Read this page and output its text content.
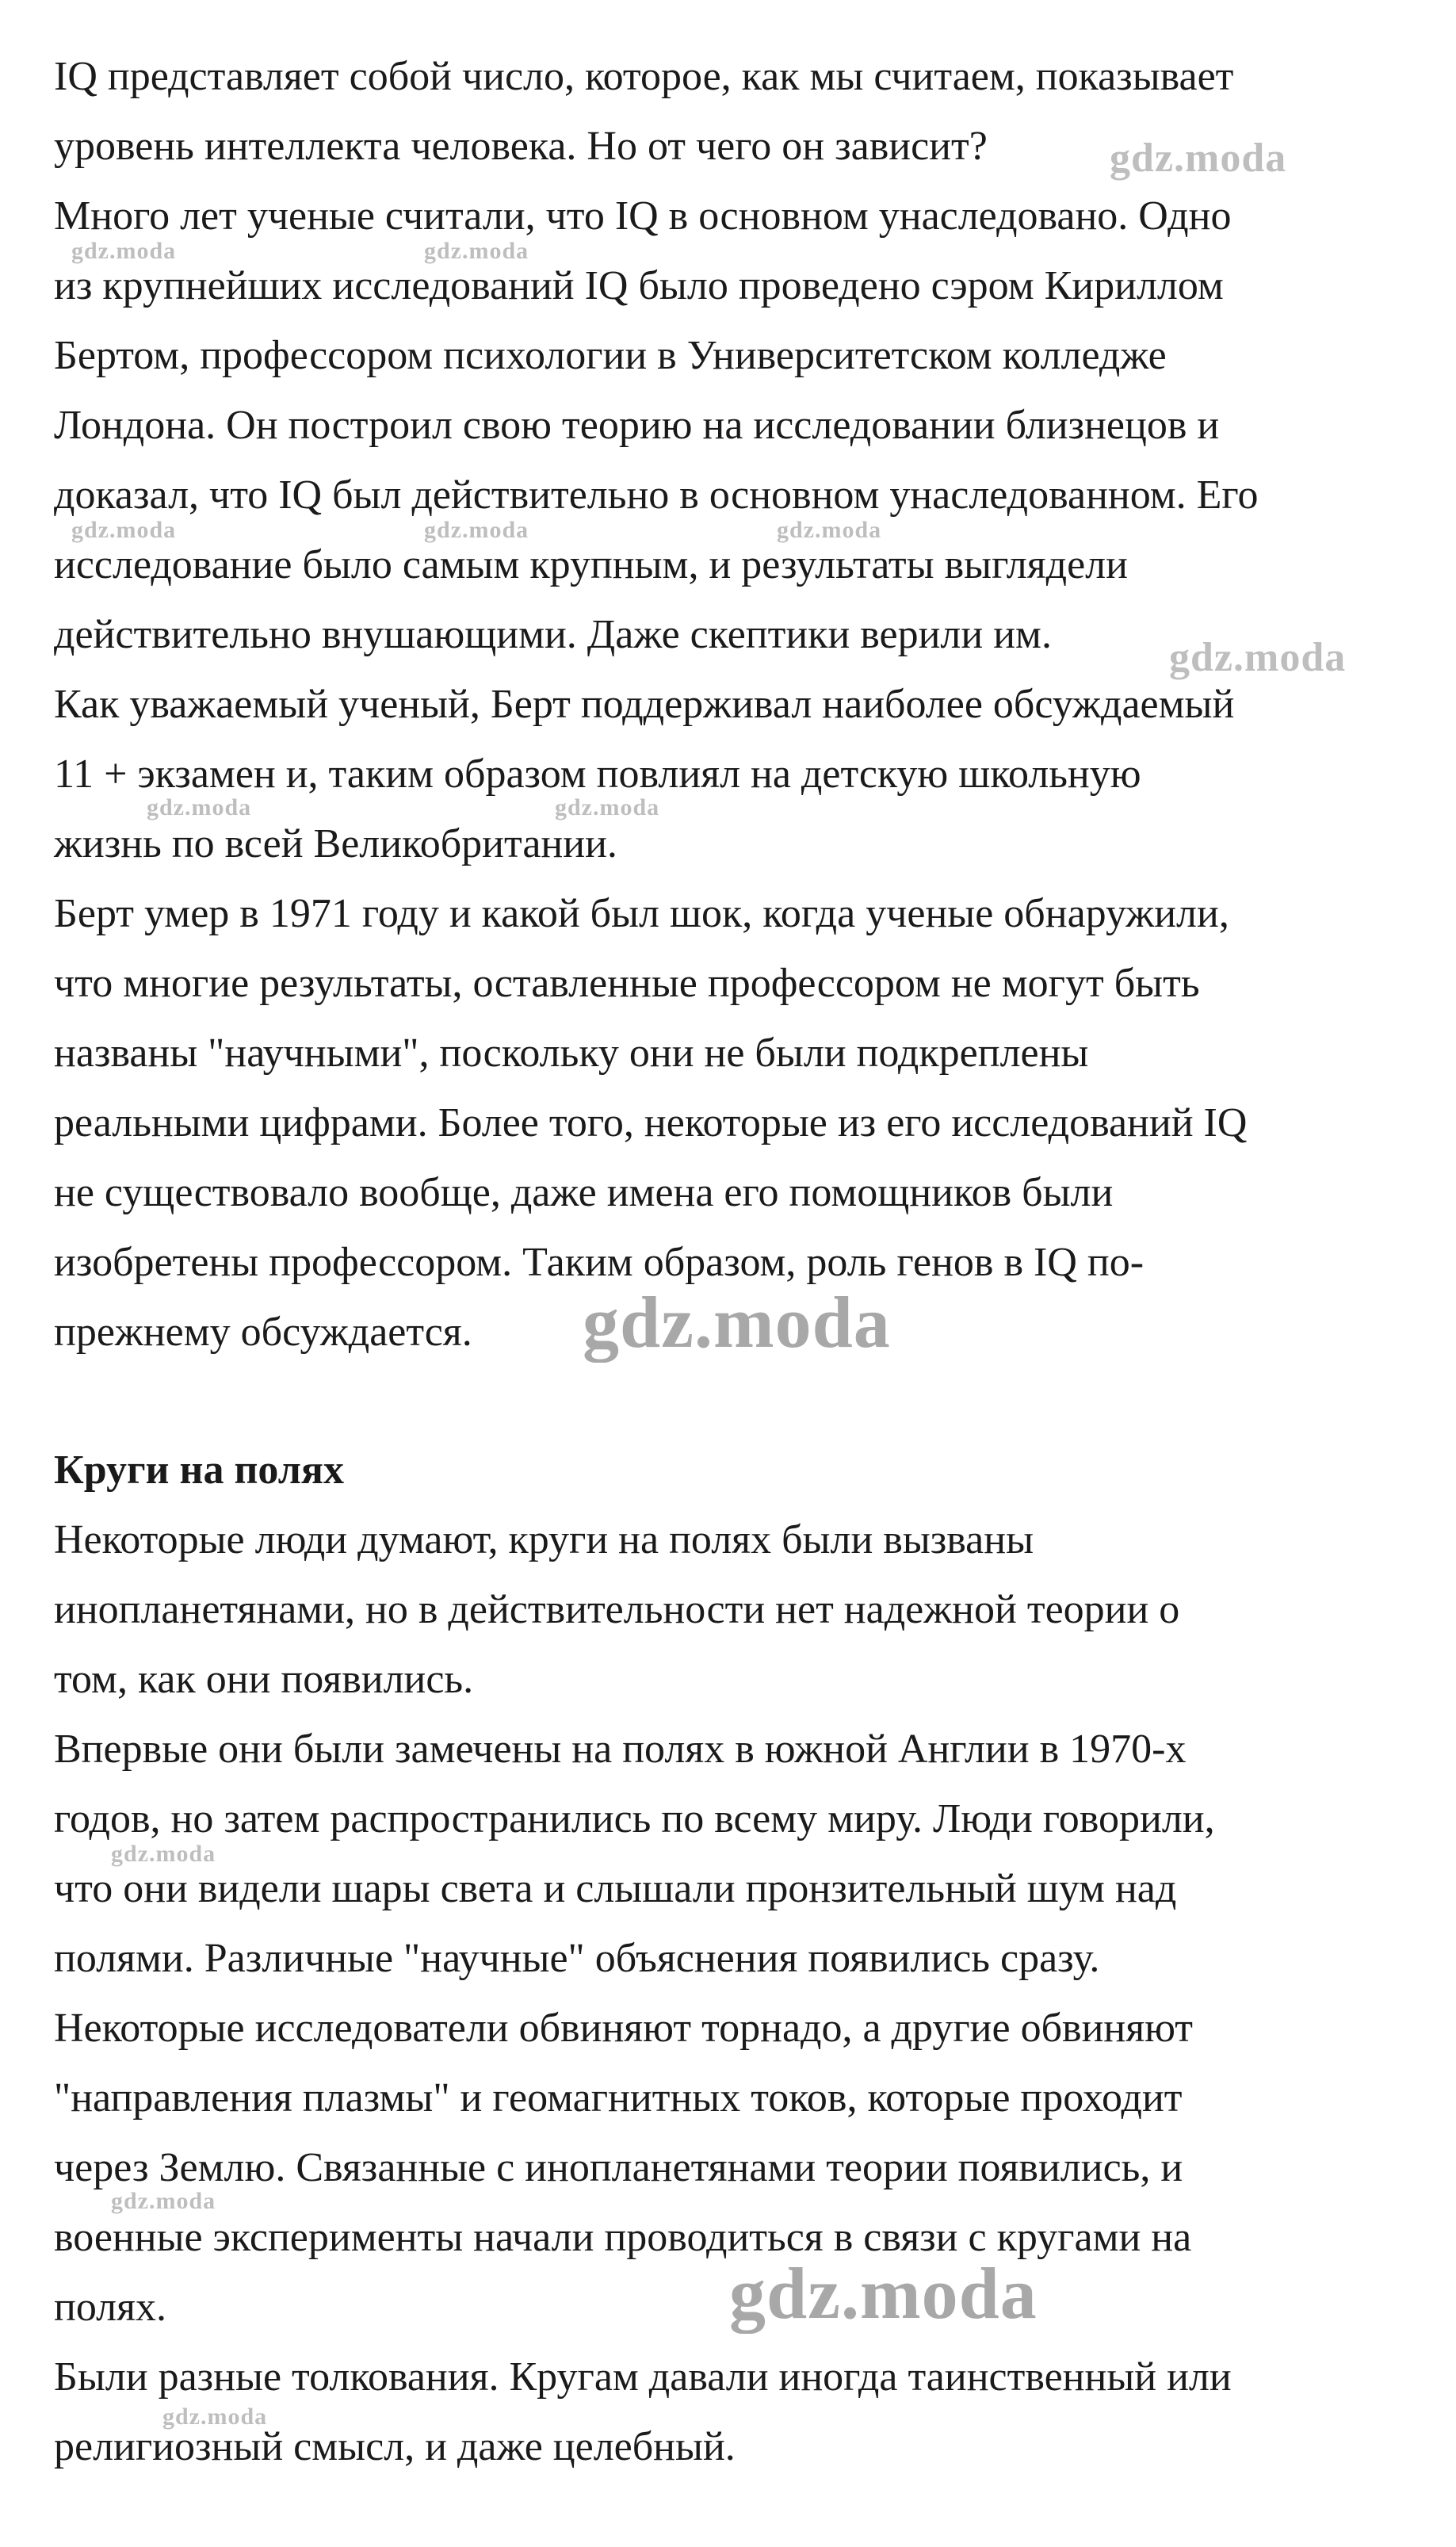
IQ представляет собой число, которое, как мы считаем, показывает
уровень интеллекта человека. Но от чего он зависит?
Много лет ученые считали, что IQ в основном унаследовано. Одно
из крупнейших исследований IQ было проведено сэром Кириллом
Бертом, профессором психологии в Университетском колледже
Лондона. Он построил свою теорию на исследовании близнецов и
доказал, что IQ был действительно в основном унаследованном. Его
исследование было самым крупным, и результаты выглядели
действительно внушающими. Даже скептики верили им.
Как уважаемый ученый, Берт поддерживал наиболее обсуждаемый
11 + экзамен и, таким образом повлиял на детскую школьную
жизнь по всей Великобритании.
Берт умер в 1971 году и какой был шок, когда ученые обнаружили,
что многие результаты, оставленные профессором не могут быть
названы "научными", поскольку они не были подкреплены
реальными цифрами. Более того, некоторые из его исследований IQ
не существовало вообще, даже имена его помощников были
изобретены профессором. Таким образом, роль генов в IQ по-
прежнему обсуждается.
Круги на полях
Некоторые люди думают, круги на полях были вызваны
инопланетянами, но в действительности нет надежной теории о
том, как они появились.
Впервые они были замечены на полях в южной Англии в 1970-х
годов, но затем распространились по всему миру. Люди говорили,
что они видели шары света и слышали пронзительный шум над
полями. Различные "научные" объяснения появились сразу.
Некоторые исследователи обвиняют торнадо, а другие обвиняют
"направления плазмы" и геомагнитных токов, которые проходит
через Землю. Связанные с инопланетянами теории появились, и
военные эксперименты начали проводиться в связи с кругами на
полях.
Были разные толкования. Кругам давали иногда таинственный или
религиозный смысл, и даже целебный.
gdz.moda
gdz.moda	gdz.moda
gdz.moda	gdz.moda	gdz.moda
gdz.moda
gdz.moda	gdz.moda
gdz.moda
gdz.moda
gdz.moda
gdz.moda
gdz.moda
